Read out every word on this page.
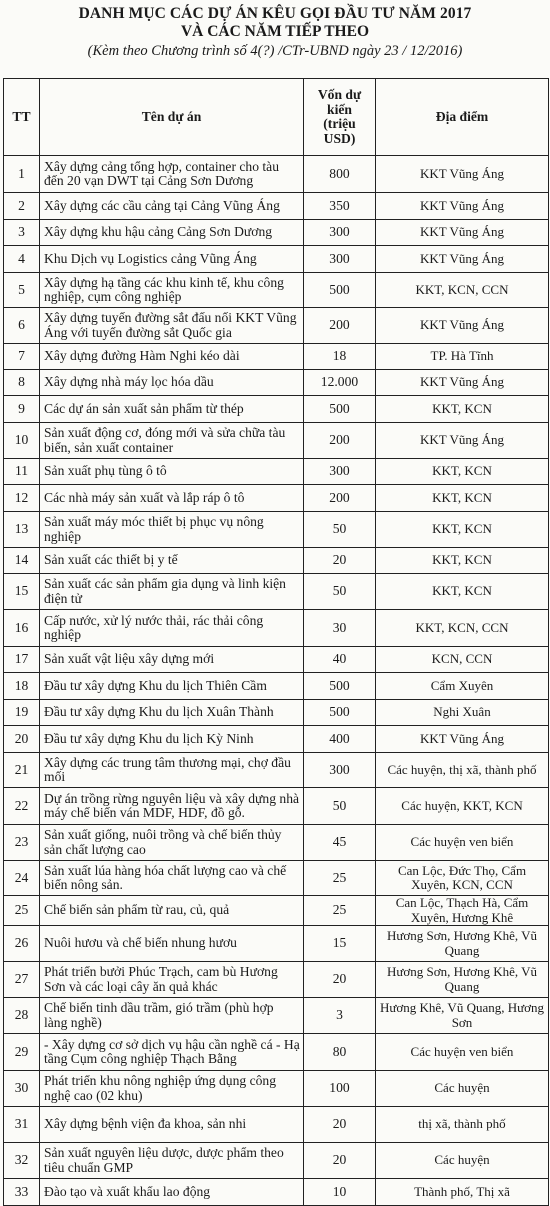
DANH MỤC CÁC DỰ ÁN KÊU GỌI ĐẦU TƯ NĂM 2017
VÀ CÁC NĂM TIẾP THEO
(Kèm theo Chương trình số 4(?) /CTr-UBND ngày 23 / 12/2016)
TT	Tên dự án	Vốn dự kiến (triệu USD)	Địa điểm
1	Xây dựng cảng tổng hợp, container cho tàu đến 20 vạn DWT tại Cảng Sơn Dương	800	KKT Vũng Áng
2	Xây dựng các cầu cảng tại Cảng Vũng Áng	350	KKT Vũng Áng
3	Xây dựng khu hậu cảng Cảng Sơn Dương	300	KKT Vũng Áng
4	Khu Dịch vụ Logistics cảng Vũng Áng	300	KKT Vũng Áng
5	Xây dựng hạ tầng các khu kinh tế, khu công nghiệp, cụm công nghiệp	500	KKT, KCN, CCN
6	Xây dựng tuyến đường sắt đấu nối KKT Vũng Áng với tuyến đường sắt Quốc gia	200	KKT Vũng Áng
7	Xây dựng đường Hàm Nghi kéo dài	18	TP. Hà Tĩnh
8	Xây dựng nhà máy lọc hóa dầu	12.000	KKT Vũng Áng
9	Các dự án sản xuất sản phẩm từ thép	500	KKT, KCN
10	Sản xuất động cơ, đóng mới và sửa chữa tàu biển, sản xuất container	200	KKT Vũng Áng
11	Sản xuất phụ tùng ô tô	300	KKT, KCN
12	Các nhà máy sản xuất và lắp ráp ô tô	200	KKT, KCN
13	Sản xuất máy móc thiết bị phục vụ nông nghiệp	50	KKT, KCN
14	Sản xuất các thiết bị y tế	20	KKT, KCN
15	Sản xuất các sản phẩm gia dụng và linh kiện điện tử	50	KKT, KCN
16	Cấp nước, xử lý nước thải, rác thải công nghiệp	30	KKT, KCN, CCN
17	Sản xuất vật liệu xây dựng mới	40	KCN, CCN
18	Đầu tư xây dựng Khu du lịch Thiên Cầm	500	Cẩm Xuyên
19	Đầu tư xây dựng Khu du lịch Xuân Thành	500	Nghi Xuân
20	Đầu tư xây dựng Khu du lịch Kỳ Ninh	400	KKT Vũng Áng
21	Xây dựng các trung tâm thương mại, chợ đầu mối	300	Các huyện, thị xã, thành phố
22	Dự án trồng rừng nguyên liệu và xây dựng nhà máy chế biến ván MDF, HDF, đồ gỗ.	50	Các huyện, KKT, KCN
23	Sản xuất giống, nuôi trồng và chế biến thủy sản chất lượng cao	45	Các huyện ven biển
24	Sản xuất lúa hàng hóa chất lượng cao và chế biến nông sản.	25	Can Lộc, Đức Thọ, Cẩm Xuyên, KCN, CCN
25	Chế biến sản phẩm từ rau, củ, quả	25	Can Lộc, Thạch Hà, Cẩm Xuyên, Hương Khê
26	Nuôi hươu và chế biến nhung hươu	15	Hương Sơn, Hương Khê, Vũ Quang
27	Phát triển bưởi Phúc Trạch, cam bù Hương Sơn và các loại cây ăn quả khác	20	Hương Sơn, Hương Khê, Vũ Quang
28	Chế biến tinh dầu trầm, gió trầm (phù hợp làng nghề)	3	Hương Khê, Vũ Quang, Hương Sơn
29	- Xây dựng cơ sở dịch vụ hậu cần nghề cá - Hạ tầng Cụm công nghiệp Thạch Bằng	80	Các huyện ven biển
30	Phát triển khu nông nghiệp ứng dụng công nghệ cao (02 khu)	100	Các huyện
31	Xây dựng bệnh viện đa khoa, sản nhi	20	thị xã, thành phố
32	Sản xuất nguyên liệu dược, dược phẩm theo tiêu chuẩn GMP	20	Các huyện
33	Đào tạo và xuất khẩu lao động	10	Thành phố, Thị xã
